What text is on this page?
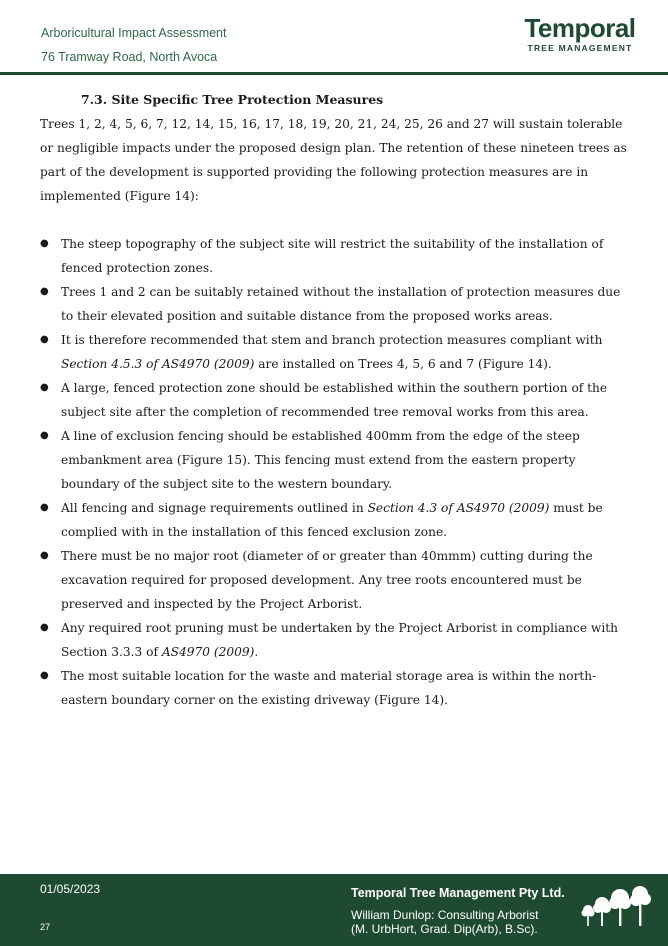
Arboricultural Impact Assessment
76 Tramway Road, North Avoca
Temporal
TREE MANAGEMENT

7.3. Site Specific Tree Protection Measures

Trees 1, 2, 4, 5, 6, 7, 12, 14, 15, 16, 17, 18, 19, 20, 21, 24, 25, 26 and 27 will sustain tolerable or negligible impacts under the proposed design plan. The retention of these nineteen trees as part of the development is supported providing the following protection measures are in implemented (Figure 14):

● The steep topography of the subject site will restrict the suitability of the installation of fenced protection zones.
● Trees 1 and 2 can be suitably retained without the installation of protection measures due to their elevated position and suitable distance from the proposed works areas.
● It is therefore recommended that stem and branch protection measures compliant with Section 4.5.3 of AS4970 (2009) are installed on Trees 4, 5, 6 and 7 (Figure 14).
● A large, fenced protection zone should be established within the southern portion of the subject site after the completion of recommended tree removal works from this area.
● A line of exclusion fencing should be established 400mm from the edge of the steep embankment area (Figure 15). This fencing must extend from the eastern property boundary of the subject site to the western boundary.
● All fencing and signage requirements outlined in Section 4.3 of AS4970 (2009) must be complied with in the installation of this fenced exclusion zone.
● There must be no major root (diameter of or greater than 40mmm) cutting during the excavation required for proposed development. Any tree roots encountered must be preserved and inspected by the Project Arborist.
● Any required root pruning must be undertaken by the Project Arborist in compliance with Section 3.3.3 of AS4970 (2009).
● The most suitable location for the waste and material storage area is within the north-eastern boundary corner on the existing driveway (Figure 14).
01/05/2023
27
Temporal Tree Management Pty Ltd.
William Dunlop: Consulting Arborist
(M. UrbHort, Grad. Dip(Arb), B.Sc).
